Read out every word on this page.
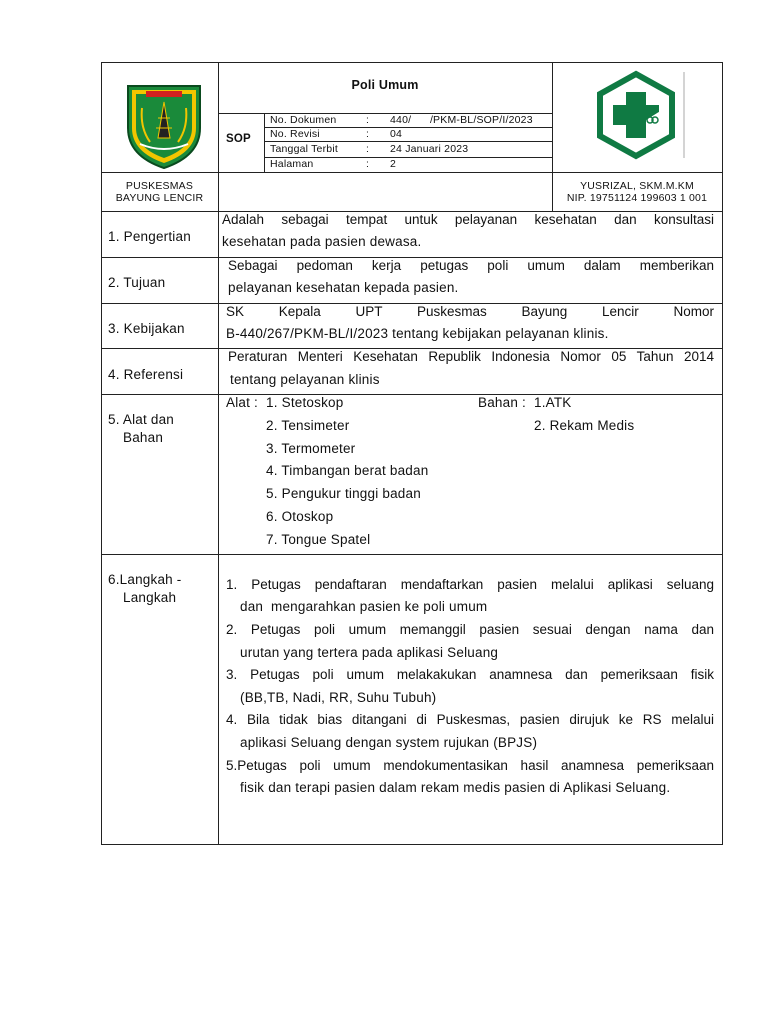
Poli Umum
SOP
No. Dokumen	: 440/      /PKM-BL/SOP/I/2023
No. Revisi	: 04
Tanggal Terbit	: 24 Januari 2023
Halaman	: 2
PUSKESMAS
BAYUNG LENCIR
YUSRIZAL, SKM.M.KM
NIP. 19751124 199603 1 001
1. Pengertian
Adalah sebagai tempat untuk pelayanan kesehatan dan konsultasi
kesehatan pada pasien dewasa.
2. Tujuan
Sebagai pedoman kerja petugas poli umum dalam memberikan
pelayanan kesehatan kepada pasien.
3. Kebijakan
SK Kepala UPT Puskesmas Bayung Lencir Nomor
B-440/267/PKM-BL/I/2023 tentang kebijakan pelayanan klinis.
4. Referensi
Peraturan Menteri Kesehatan Republik Indonesia Nomor 05 Tahun 2014
tentang pelayanan klinis
5. Alat dan
Bahan
Alat : 1. Stetoskop
2. Tensimeter
3. Termometer
4. Timbangan berat badan
5. Pengukur tinggi badan
6. Otoskop
7. Tongue Spatel
Bahan : 1.ATK
2. Rekam Medis
6.Langkah -
Langkah
1. Petugas pendaftaran mendaftarkan pasien melalui aplikasi seluang
dan  mengarahkan pasien ke poli umum
2. Petugas poli umum memanggil pasien sesuai dengan nama dan
urutan yang tertera pada aplikasi Seluang
3. Petugas poli umum melakakukan anamnesa dan pemeriksaan fisik
(BB,TB, Nadi, RR, Suhu Tubuh)
4. Bila tidak bias ditangani di Puskesmas, pasien dirujuk ke RS melalui
aplikasi Seluang dengan system rujukan (BPJS)
5.Petugas poli umum mendokumentasikan hasil anamnesa pemeriksaan
fisik dan terapi pasien dalam rekam medis pasien di Aplikasi Seluang.
